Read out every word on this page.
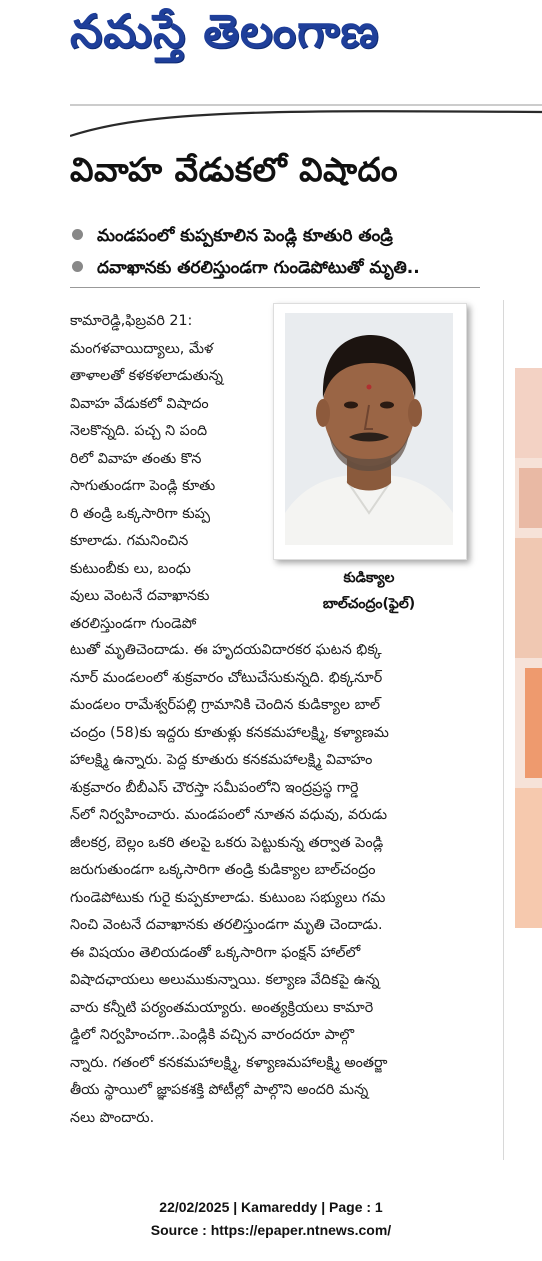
నమస్తే తెలంగాణ
వివాహ వేడుకలో విషాదం
మండపంలో కుప్పకూలిన పెండ్లి కూతురి తండ్రి
దవాఖానకు తరలిస్తుండగా గుండెపోటుతో మృతి..
కామారెడ్డి,ఫిబ్రవరి 21:
మంగళవాయిద్యాలు, మేళ
తాళాలతో కళకళలాడుతున్న
వివాహ వేడుకలో విషాదం
నెలకొన్నది. పచ్చ ని పంది
రిలో వివాహ తంతు కొన
సాగుతుండగా పెండ్లి కూతు
రి తండ్రి ఒక్కసారిగా కుప్ప
కూలాడు. గమనించిన
కుటుంబీకు లు, బంధు
వులు వెంటనే దవాఖానకు
తరలిస్తుండగా గుండెపో
కుడిక్యాల
బాల్‌చంద్రం(ఫైల్)
టుతో మృతిచెందాడు. ఈ హృదయవిదారకర ఘటన భిక్క
నూర్ మండలంలో శుక్రవారం చోటుచేసుకున్నది. భిక్కనూర్
మండలం రామేశ్వర్‌పల్లి గ్రామానికి చెందిన కుడిక్యాల బాల్
చంద్రం (58)కు ఇద్దరు కూతుళ్లు కనకమహాలక్ష్మి, కళ్యాణమ
హాలక్ష్మి ఉన్నారు. పెద్ద కూతురు కనకమహాలక్ష్మి వివాహం
శుక్రవారం బీబీఎస్ చౌరస్తా సమీపంలోని ఇంద్రప్రస్థ గార్డె
న్‌లో నిర్వహించారు. మండపంలో నూతన వధువు, వరుడు
జీలకర్ర, బెల్లం ఒకరి తలపై ఒకరు పెట్టుకున్న తర్వాత పెండ్లి
జరుగుతుండగా ఒక్కసారిగా తండ్రి కుడిక్యాల బాల్‌చంద్రం
గుండెపోటుకు గురై కుప్పకూలాడు. కుటుంబ సభ్యులు గమ
నించి వెంటనే దవాఖానకు తరలిస్తుండగా మృతి చెందాడు.
ఈ విషయం తెలియడంతో ఒక్కసారిగా ఫంక్షన్ హాల్‌లో
విషాదఛాయలు అలుముకున్నాయి. కల్యాణ వేదికపై ఉన్న
వారు కన్నీటి పర్యంతమయ్యారు. అంత్యక్రియలు కామారె
డ్డిలో నిర్వహించగా..పెండ్లికి వచ్చిన వారందరూ పాల్గొ
న్నారు. గతంలో కనకమహాలక్ష్మి, కళ్యాణమహాలక్ష్మి అంతర్జా
తీయ స్థాయిలో జ్ఞాపకశక్తి పోటీల్లో పాల్గొని అందరి మన్న
నలు పొందారు.
22/02/2025 | Kamareddy | Page : 1
Source : https://epaper.ntnews.com/
